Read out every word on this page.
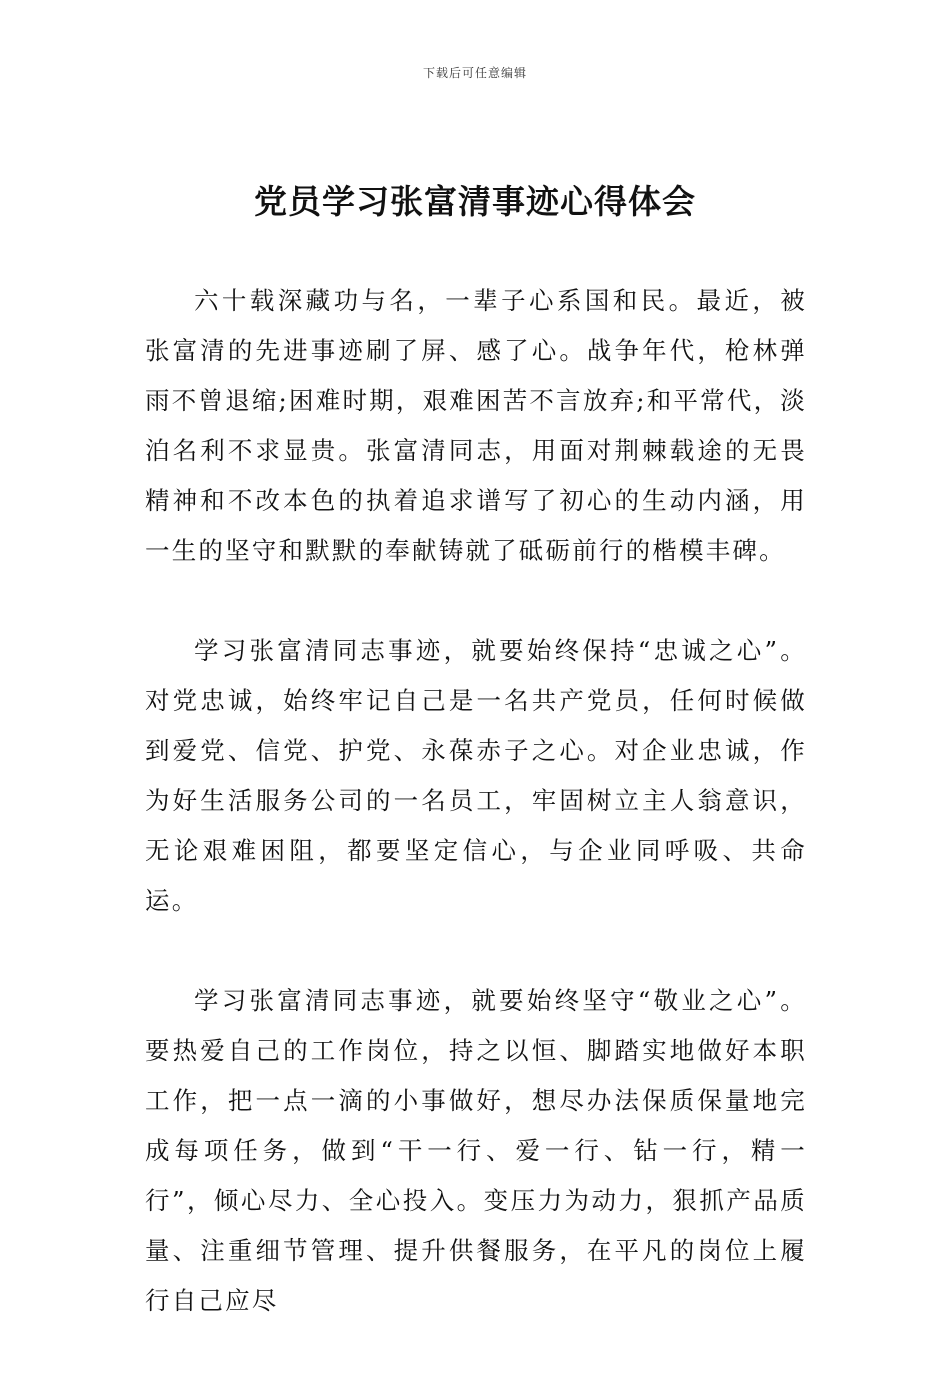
下载后可任意编辑
党员学习张富清事迹心得体会

六十载深藏功与名，一辈子心系国和民。最近，被张富清的先进事迹刷了屏、感了心。战争年代，枪林弹雨不曾退缩;困难时期，艰难困苦不言放弃;和平常代，淡泊名利不求显贵。张富清同志，用面对荆棘载途的无畏精神和不改本色的执着追求谱写了初心的生动内涵，用一生的坚守和默默的奉献铸就了砥砺前行的楷模丰碑。

学习张富清同志事迹，就要始终保持“忠诚之心”。对党忠诚，始终牢记自己是一名共产党员，任何时候做到爱党、信党、护党、永葆赤子之心。对企业忠诚，作为好生活服务公司的一名员工，牢固树立主人翁意识，无论艰难困阻，都要坚定信心，与企业同呼吸、共命运。

学习张富清同志事迹，就要始终坚守“敬业之心”。要热爱自己的工作岗位，持之以恒、脚踏实地做好本职工作，把一点一滴的小事做好，想尽办法保质保量地完成每项任务，做到“干一行、爱一行、钻一行，精一行”，倾心尽力、全心投入。变压力为动力，狠抓产品质量、注重细节管理、提升供餐服务，在平凡的岗位上履行自己应尽
